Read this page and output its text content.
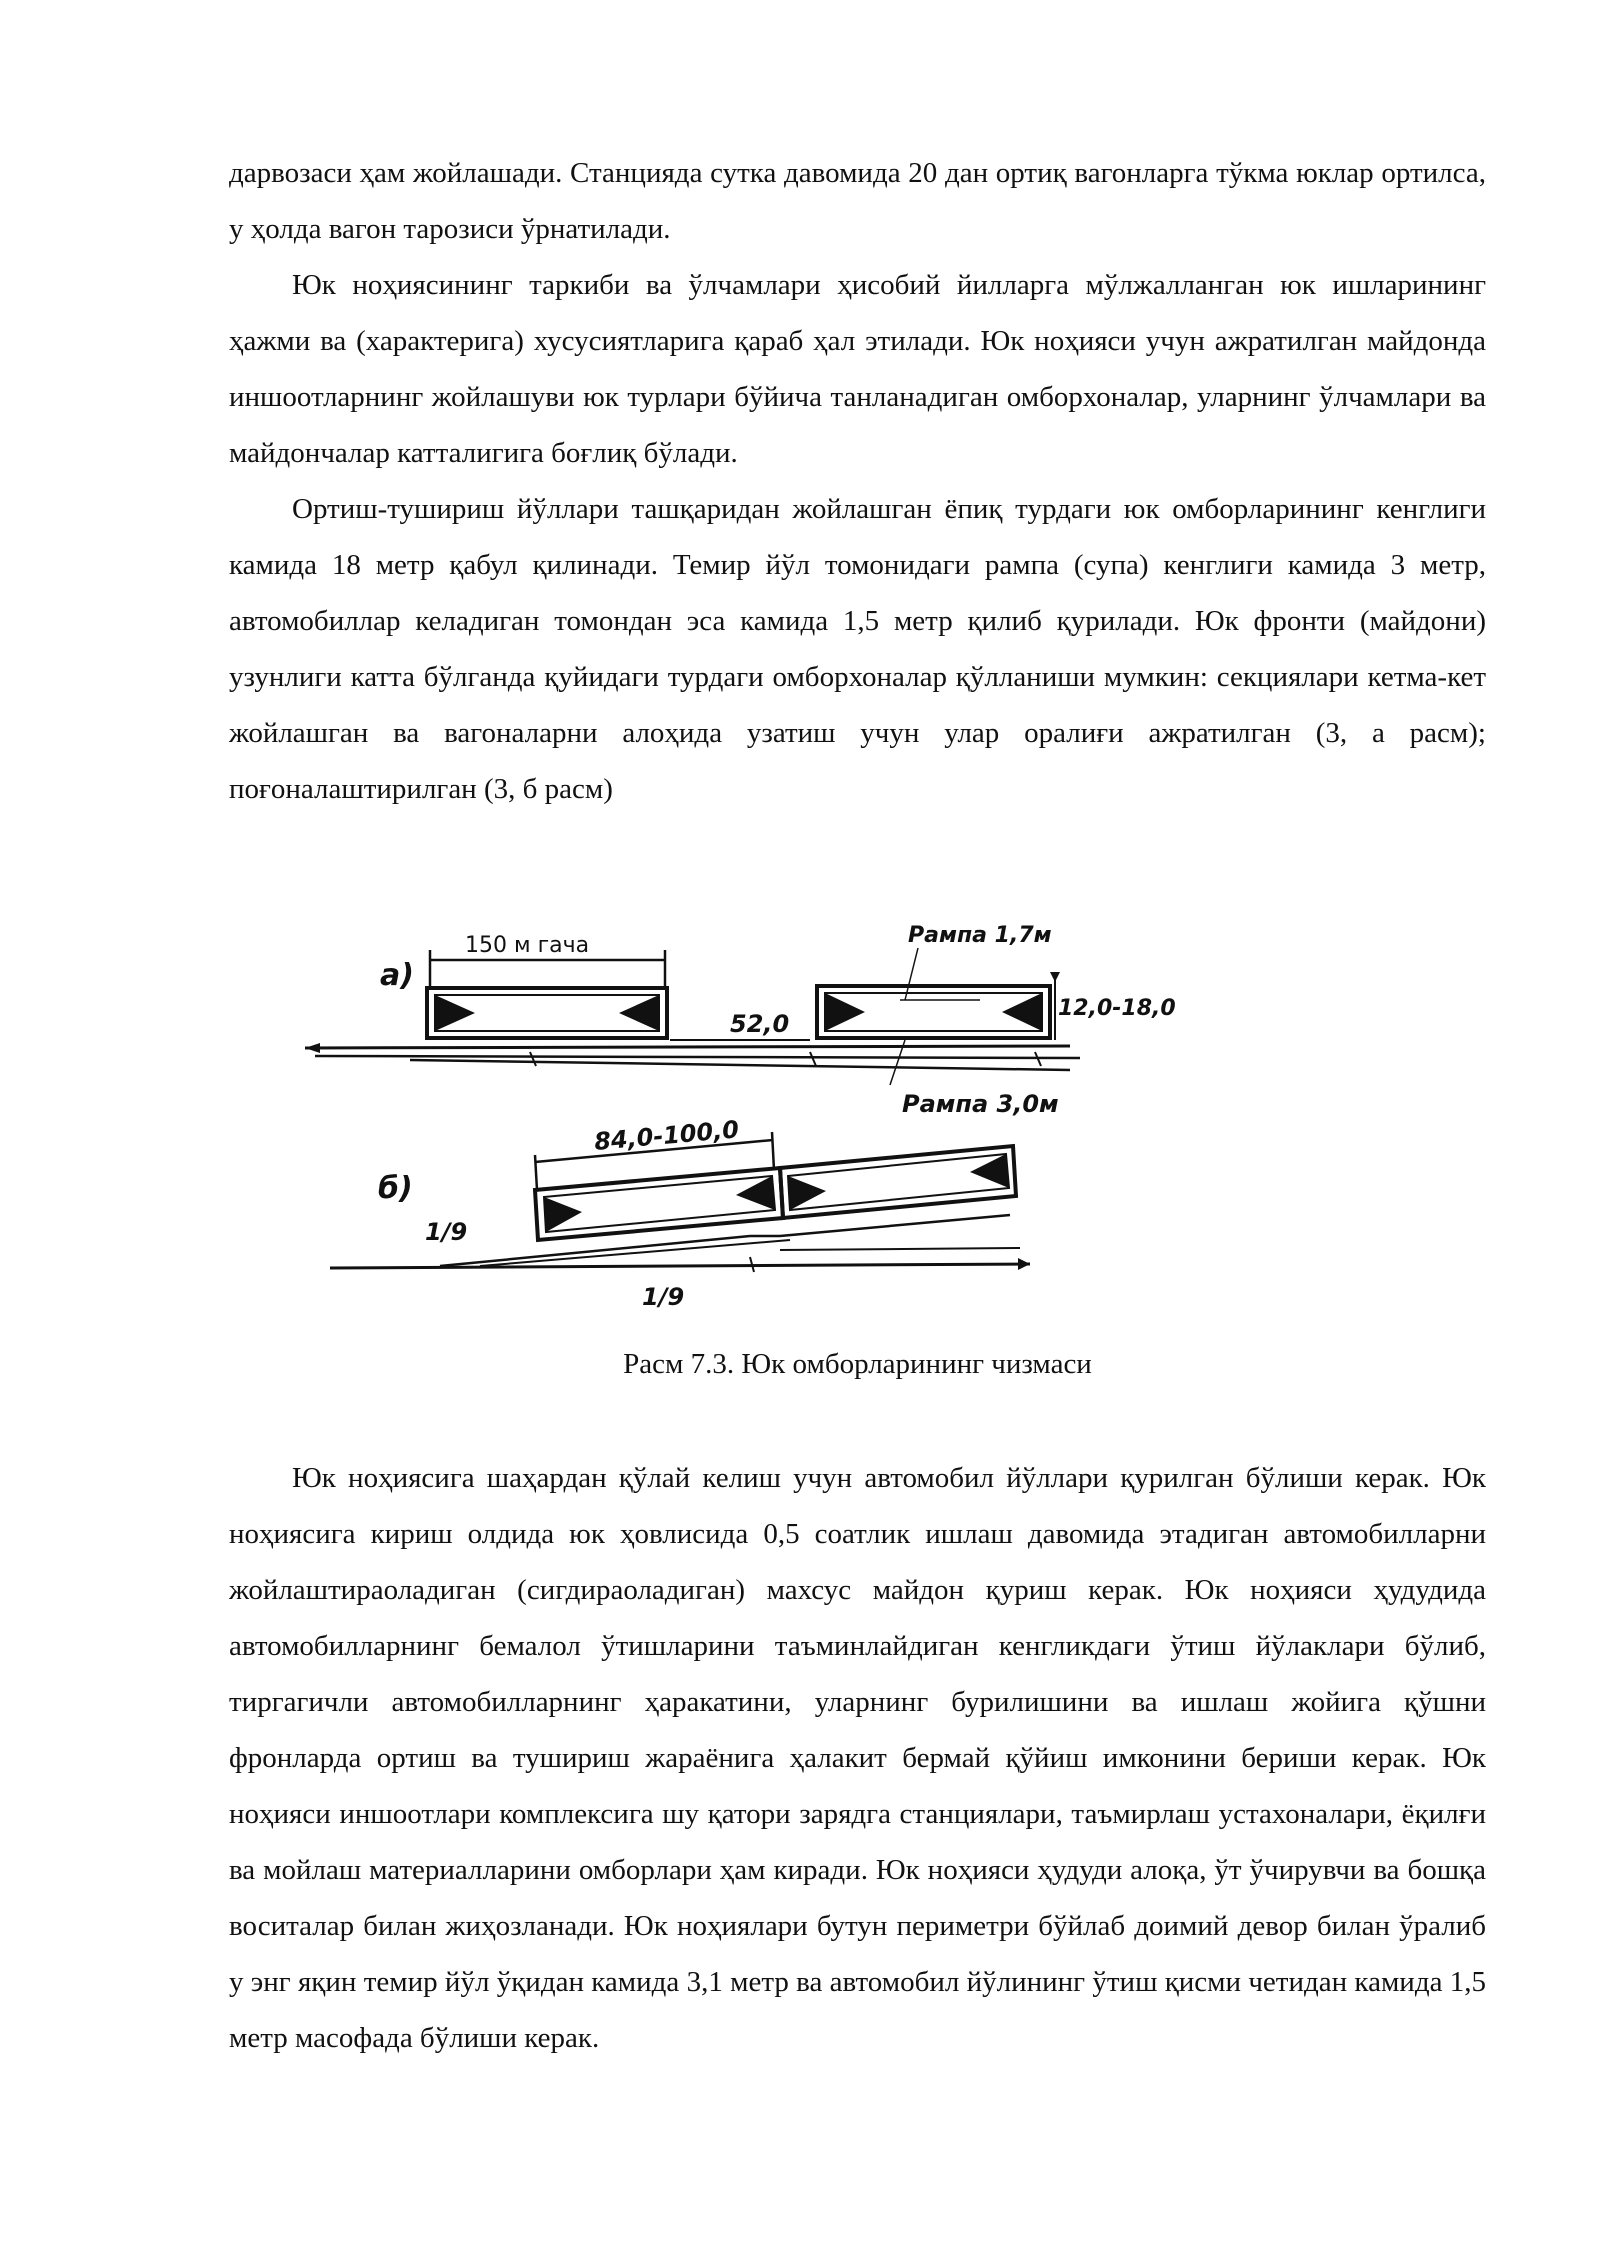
дарвозаси ҳам жойлашади. Станцияда сутка давомида 20 дан ортиқ вагонларга тўкма юклар ортилса, у ҳолда вагон тарозиси ўрнатилади.

Юк ноҳиясининг таркиби ва ўлчамлари ҳисобий йилларга мўлжалланган юк ишларининг ҳажми ва (характерига) хусусиятларига қараб ҳал этилади. Юк ноҳияси учун ажратилган майдонда иншоотларнинг жойлашуви юк турлари бўйича танланадиган омборхоналар, уларнинг ўлчамлари ва майдончалар катталигига боғлиқ бўлади.

Ортиш-тушириш йўллари ташқаридан жойлашган ёпиқ турдаги юк омборларининг кенглиги камида 18 метр қабул қилинади. Темир йўл томонидаги рампа (супа) кенглиги камида 3 метр, автомобиллар келадиган томондан эса камида 1,5 метр қилиб қурилади. Юк фронти (майдони) узунлиги катта бўлганда қуйидаги турдаги омборхоналар қўлланиши мумкин: секциялари кетма-кет жойлашган ва вагоналарни алоҳида узатиш учун улар оралиғи ажратилган (3, а расм); поғоналаштирилган (3, б расм)

а)
150 м гача	Рампа 1,7м
12,0-18,0
52,0
Рампа 3,0м
б)
1/9
84,0-100,0
1/9
Расм 7.3. Юк омборларининг чизмаси

Юк ноҳиясига шаҳардан қўлай келиш учун автомобил йўллари қурилган бўлиши керак. Юк ноҳиясига кириш олдида юк ҳовлисида 0,5 соатлик ишлаш давомида этадиган автомобилларни жойлаштираоладиган (сигдираоладиган) махсус майдон қуриш керак. Юк ноҳияси ҳудудида автомобилларнинг бемалол ўтишларини таъминлайдиган кенгликдаги ўтиш йўлаклари бўлиб, тиргагичли автомобилларнинг ҳаракатини, уларнинг бурилишини ва ишлаш жойига қўшни фронларда ортиш ва тушириш жараёнига ҳалакит бермай қўйиш имконини бериши керак. Юк ноҳияси иншоотлари комплексига шу қатори зарядга станциялари, таъмирлаш устахоналари, ёқилғи ва мойлаш материалларини омборлари ҳам киради. Юк ноҳияси ҳудуди алоқа, ўт ўчирувчи ва бошқа воситалар билан жиҳозланади. Юк ноҳиялари бутун периметри бўйлаб доимий девор билан ўралиб у энг яқин темир йўл ўқидан камида 3,1 метр ва автомобил йўлининг ўтиш қисми четидан камида 1,5 метр масофада бўлиши керак.
